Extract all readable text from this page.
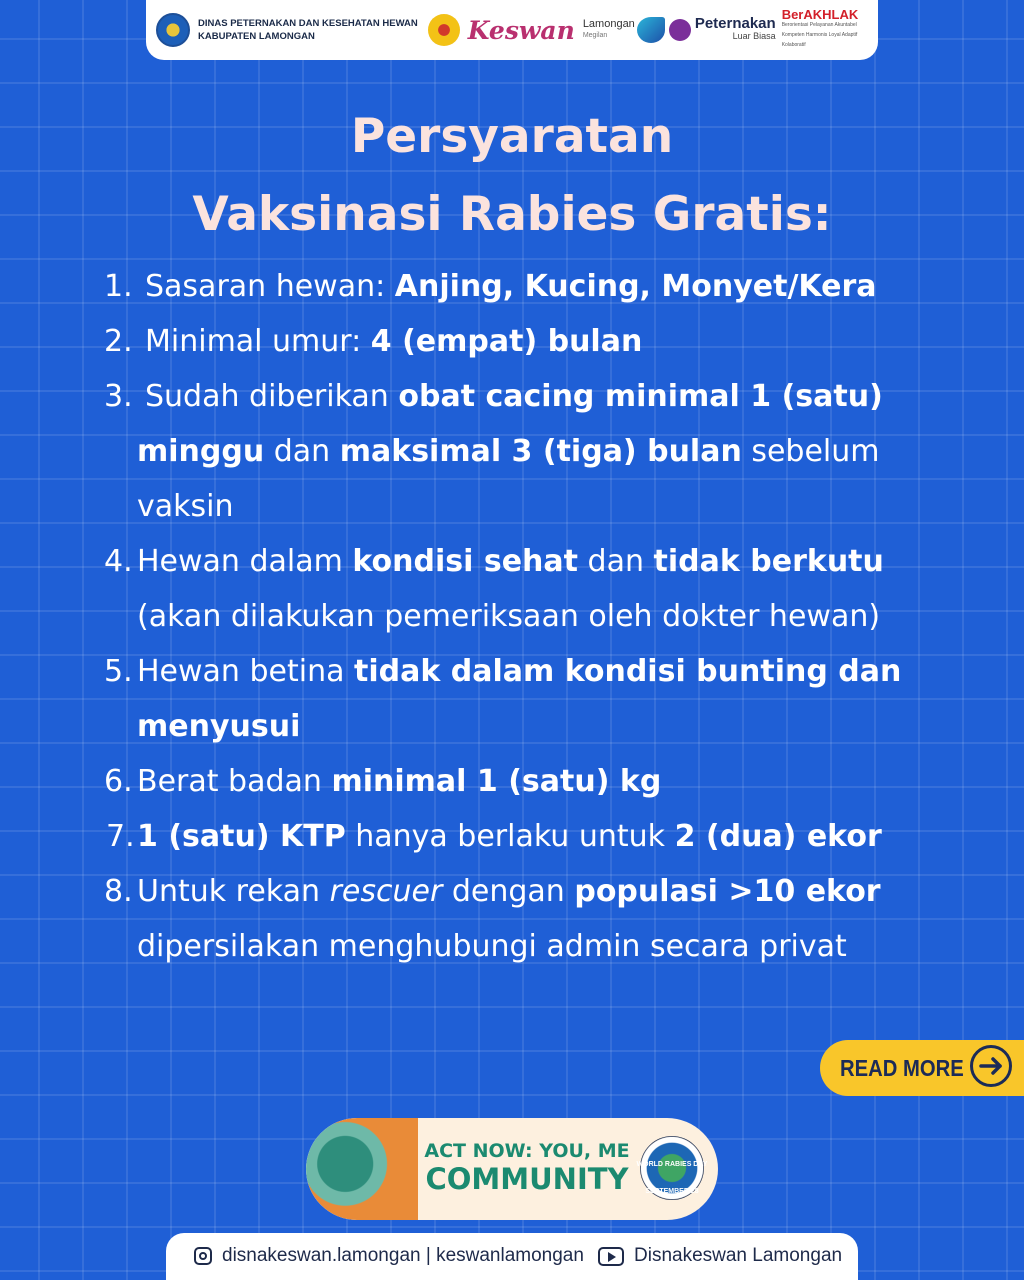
DINAS PETERNAKAN DAN KESEHATAN HEWAN
KABUPATEN LAMONGAN	Keswan Lamongan
Megilan
Peternakan
Luar Biasa
BerAKHLAK
Berorientasi Pelayanan Akuntabel Kompeten Harmonis Loyal Adaptif Kolaboratif
Persyaratan
Vaksinasi Rabies Gratis:
1. Sasaran hewan: Anjing, Kucing, Monyet/Kera
2. Minimal umur: 4 (empat) bulan
3. Sudah diberikan obat cacing minimal 1 (satu)
minggu dan maksimal 3 (tiga) bulan sebelum
vaksin
4. Hewan dalam kondisi sehat dan tidak berkutu
(akan dilakukan pemeriksaan oleh dokter hewan)
5. Hewan betina tidak dalam kondisi bunting dan
menyusui
6. Berat badan minimal 1 (satu) kg
7. 1 (satu) KTP hanya berlaku untuk 2 (dua) ekor
8. Untuk rekan rescuer dengan populasi >10 ekor
dipersilakan menghubungi admin secara privat
READ MORE
ACT NOW: YOU, ME
COMMUNITY	WORLD RABIES DAY
SEPTEMBER 28
disnakeswan.lamongan | keswanlamongan	Disnakeswan Lamongan
